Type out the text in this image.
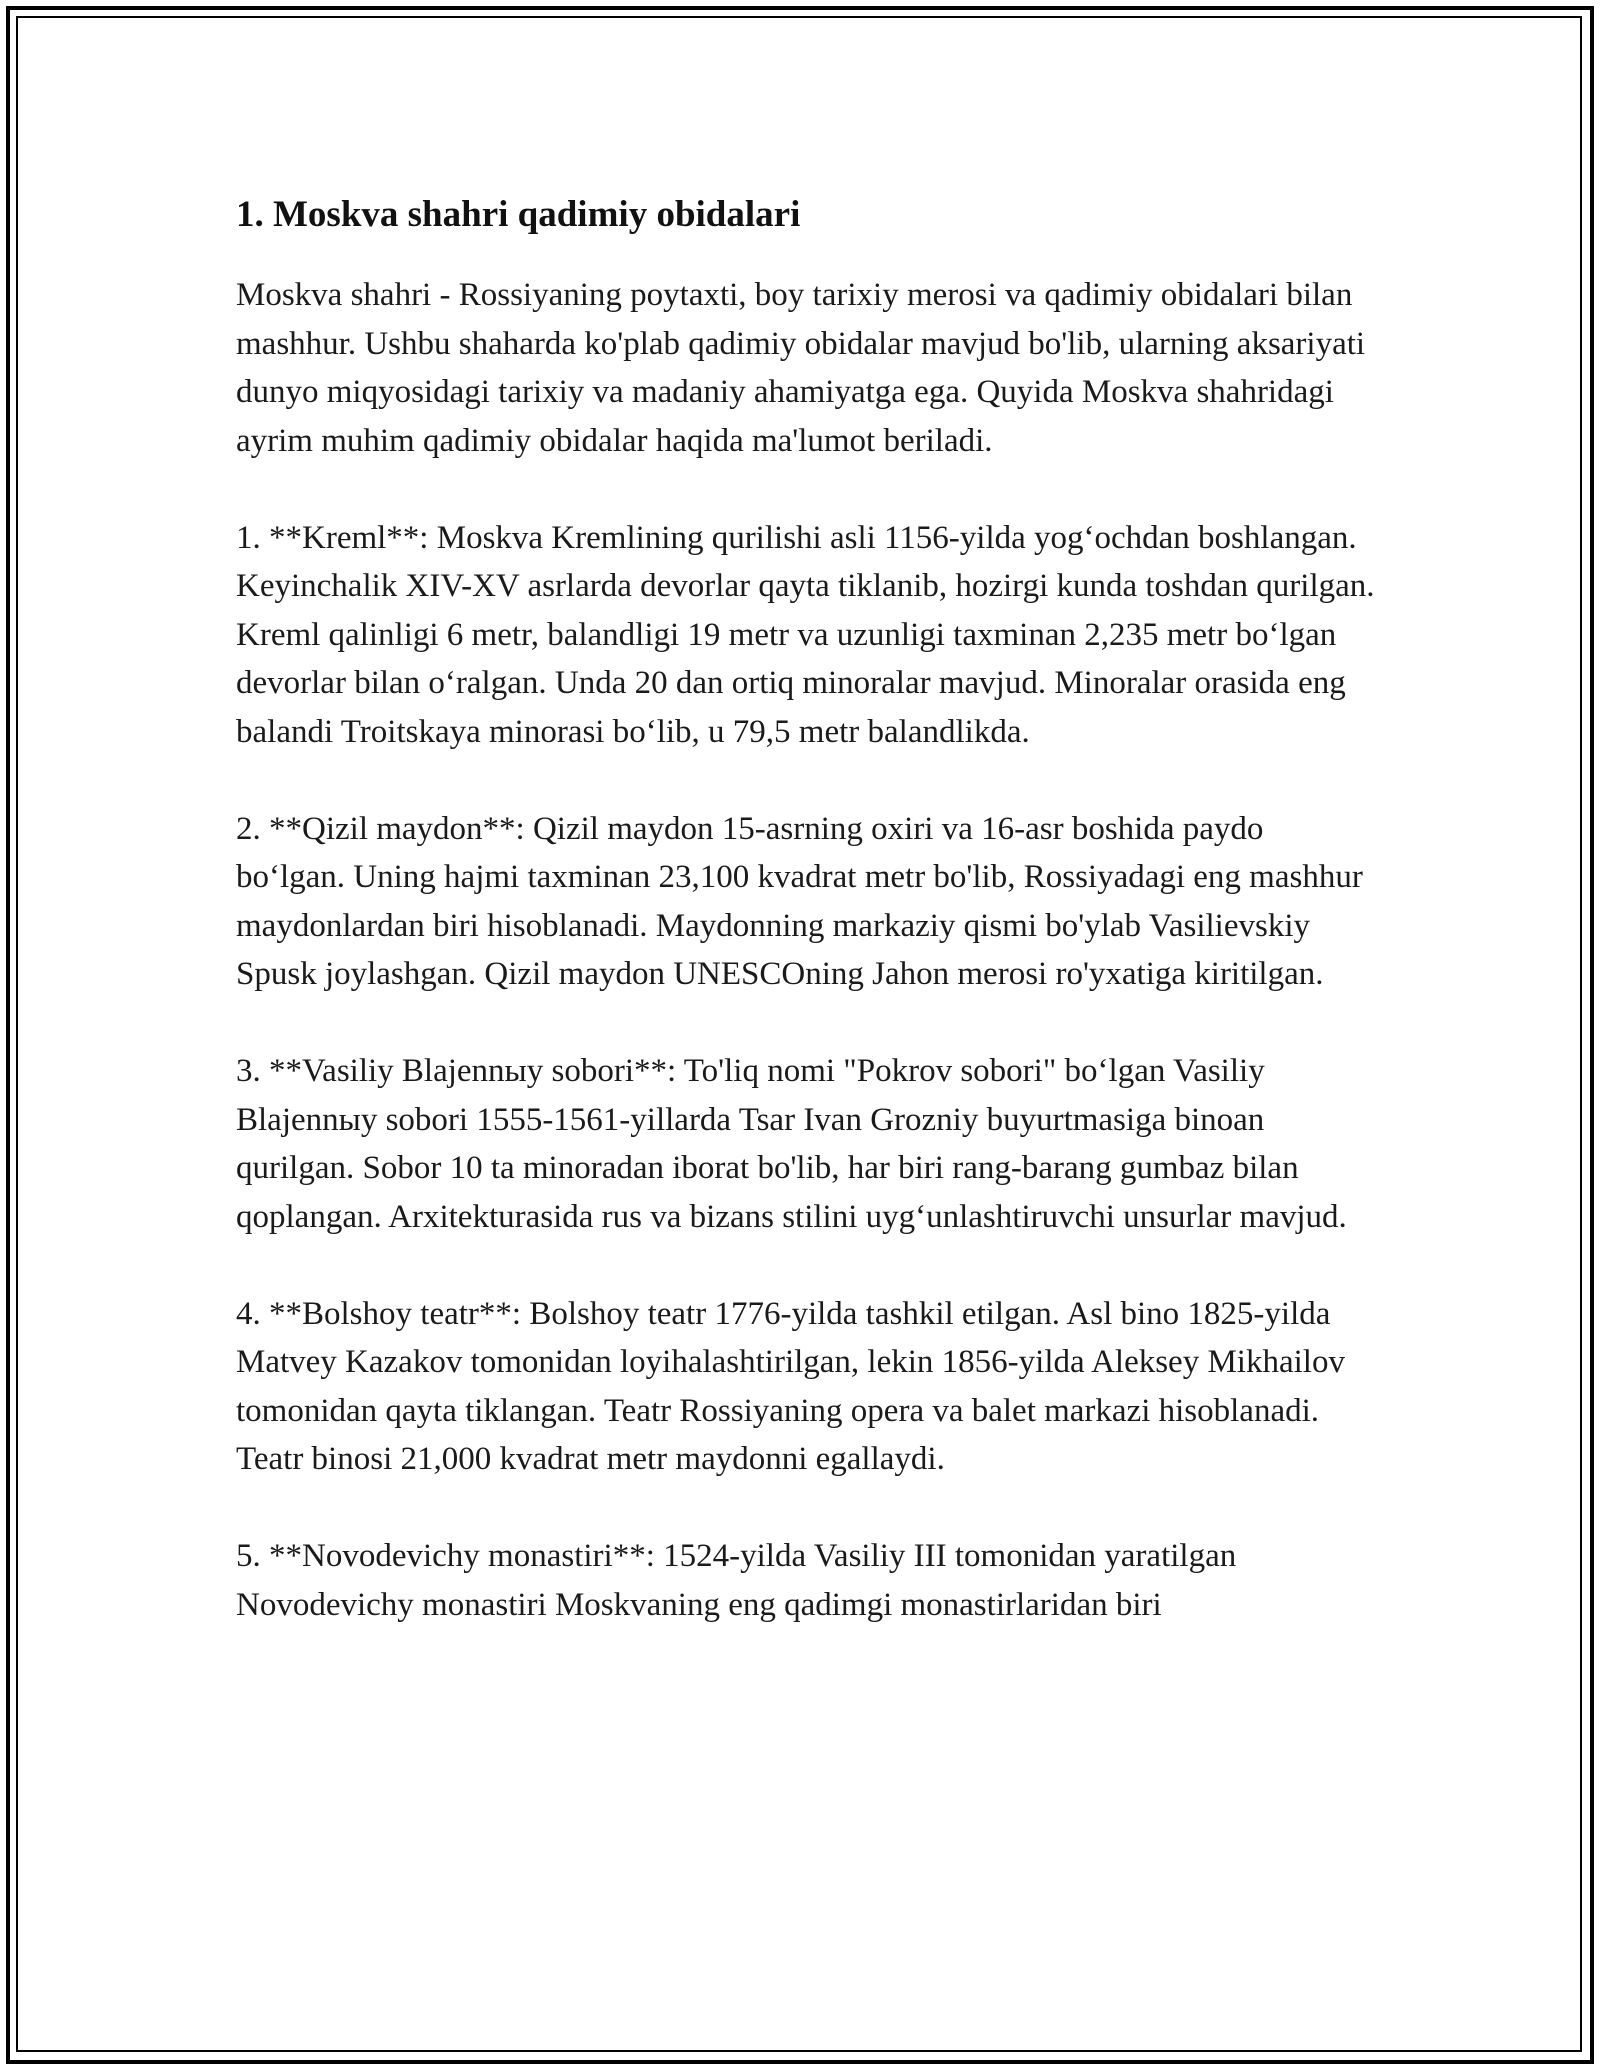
1. Moskva shahri qadimiy obidalari

Moskva shahri - Rossiyaning poytaxti, boy tarixiy merosi va qadimiy obidalari bilan mashhur. Ushbu shaharda ko'plab qadimiy obidalar mavjud bo'lib, ularning aksariyati dunyo miqyosidagi tarixiy va madaniy ahamiyatga ega. Quyida Moskva shahridagi ayrim muhim qadimiy obidalar haqida ma'lumot beriladi.

1. **Kreml**: Moskva Kremlining qurilishi asli 1156-yilda yog‘ochdan boshlangan. Keyinchalik XIV-XV asrlarda devorlar qayta tiklanib, hozirgi kunda toshdan qurilgan. Kreml qalinligi 6 metr, balandligi 19 metr va uzunligi taxminan 2,235 metr bo‘lgan devorlar bilan o‘ralgan. Unda 20 dan ortiq minoralar mavjud. Minoralar orasida eng balandi Troitskaya minorasi bo‘lib, u 79,5 metr balandlikda.

2. **Qizil maydon**: Qizil maydon 15-asrning oxiri va 16-asr boshida paydo bo‘lgan. Uning hajmi taxminan 23,100 kvadrat metr bo'lib, Rossiyadagi eng mashhur maydonlardan biri hisoblanadi. Maydonning markaziy qismi bo'ylab Vasilievskiy Spusk joylashgan. Qizil maydon UNESCOning Jahon merosi ro'yxatiga kiritilgan.

3. **Vasiliy Blajennыy sobori**: To'liq nomi "Pokrov sobori" bo‘lgan Vasiliy Blajennыy sobori 1555-1561-yillarda Tsar Ivan Grozniy buyurtmasiga binoan qurilgan. Sobor 10 ta minoradan iborat bo'lib, har biri rang-barang gumbaz bilan qoplangan. Arxitekturasida rus va bizans stilini uyg‘unlashtiruvchi unsurlar mavjud.

4. **Bolshoy teatr**: Bolshoy teatr 1776-yilda tashkil etilgan. Asl bino 1825-yilda Matvey Kazakov tomonidan loyihalashtirilgan, lekin 1856-yilda Aleksey Mikhailov tomonidan qayta tiklangan. Teatr Rossiyaning opera va balet markazi hisoblanadi. Teatr binosi 21,000 kvadrat metr maydonni egallaydi.

5. **Novodevichy monastiri**: 1524-yilda Vasiliy III tomonidan yaratilgan Novodevichy monastiri Moskvaning eng qadimgi monastirlaridan biri
